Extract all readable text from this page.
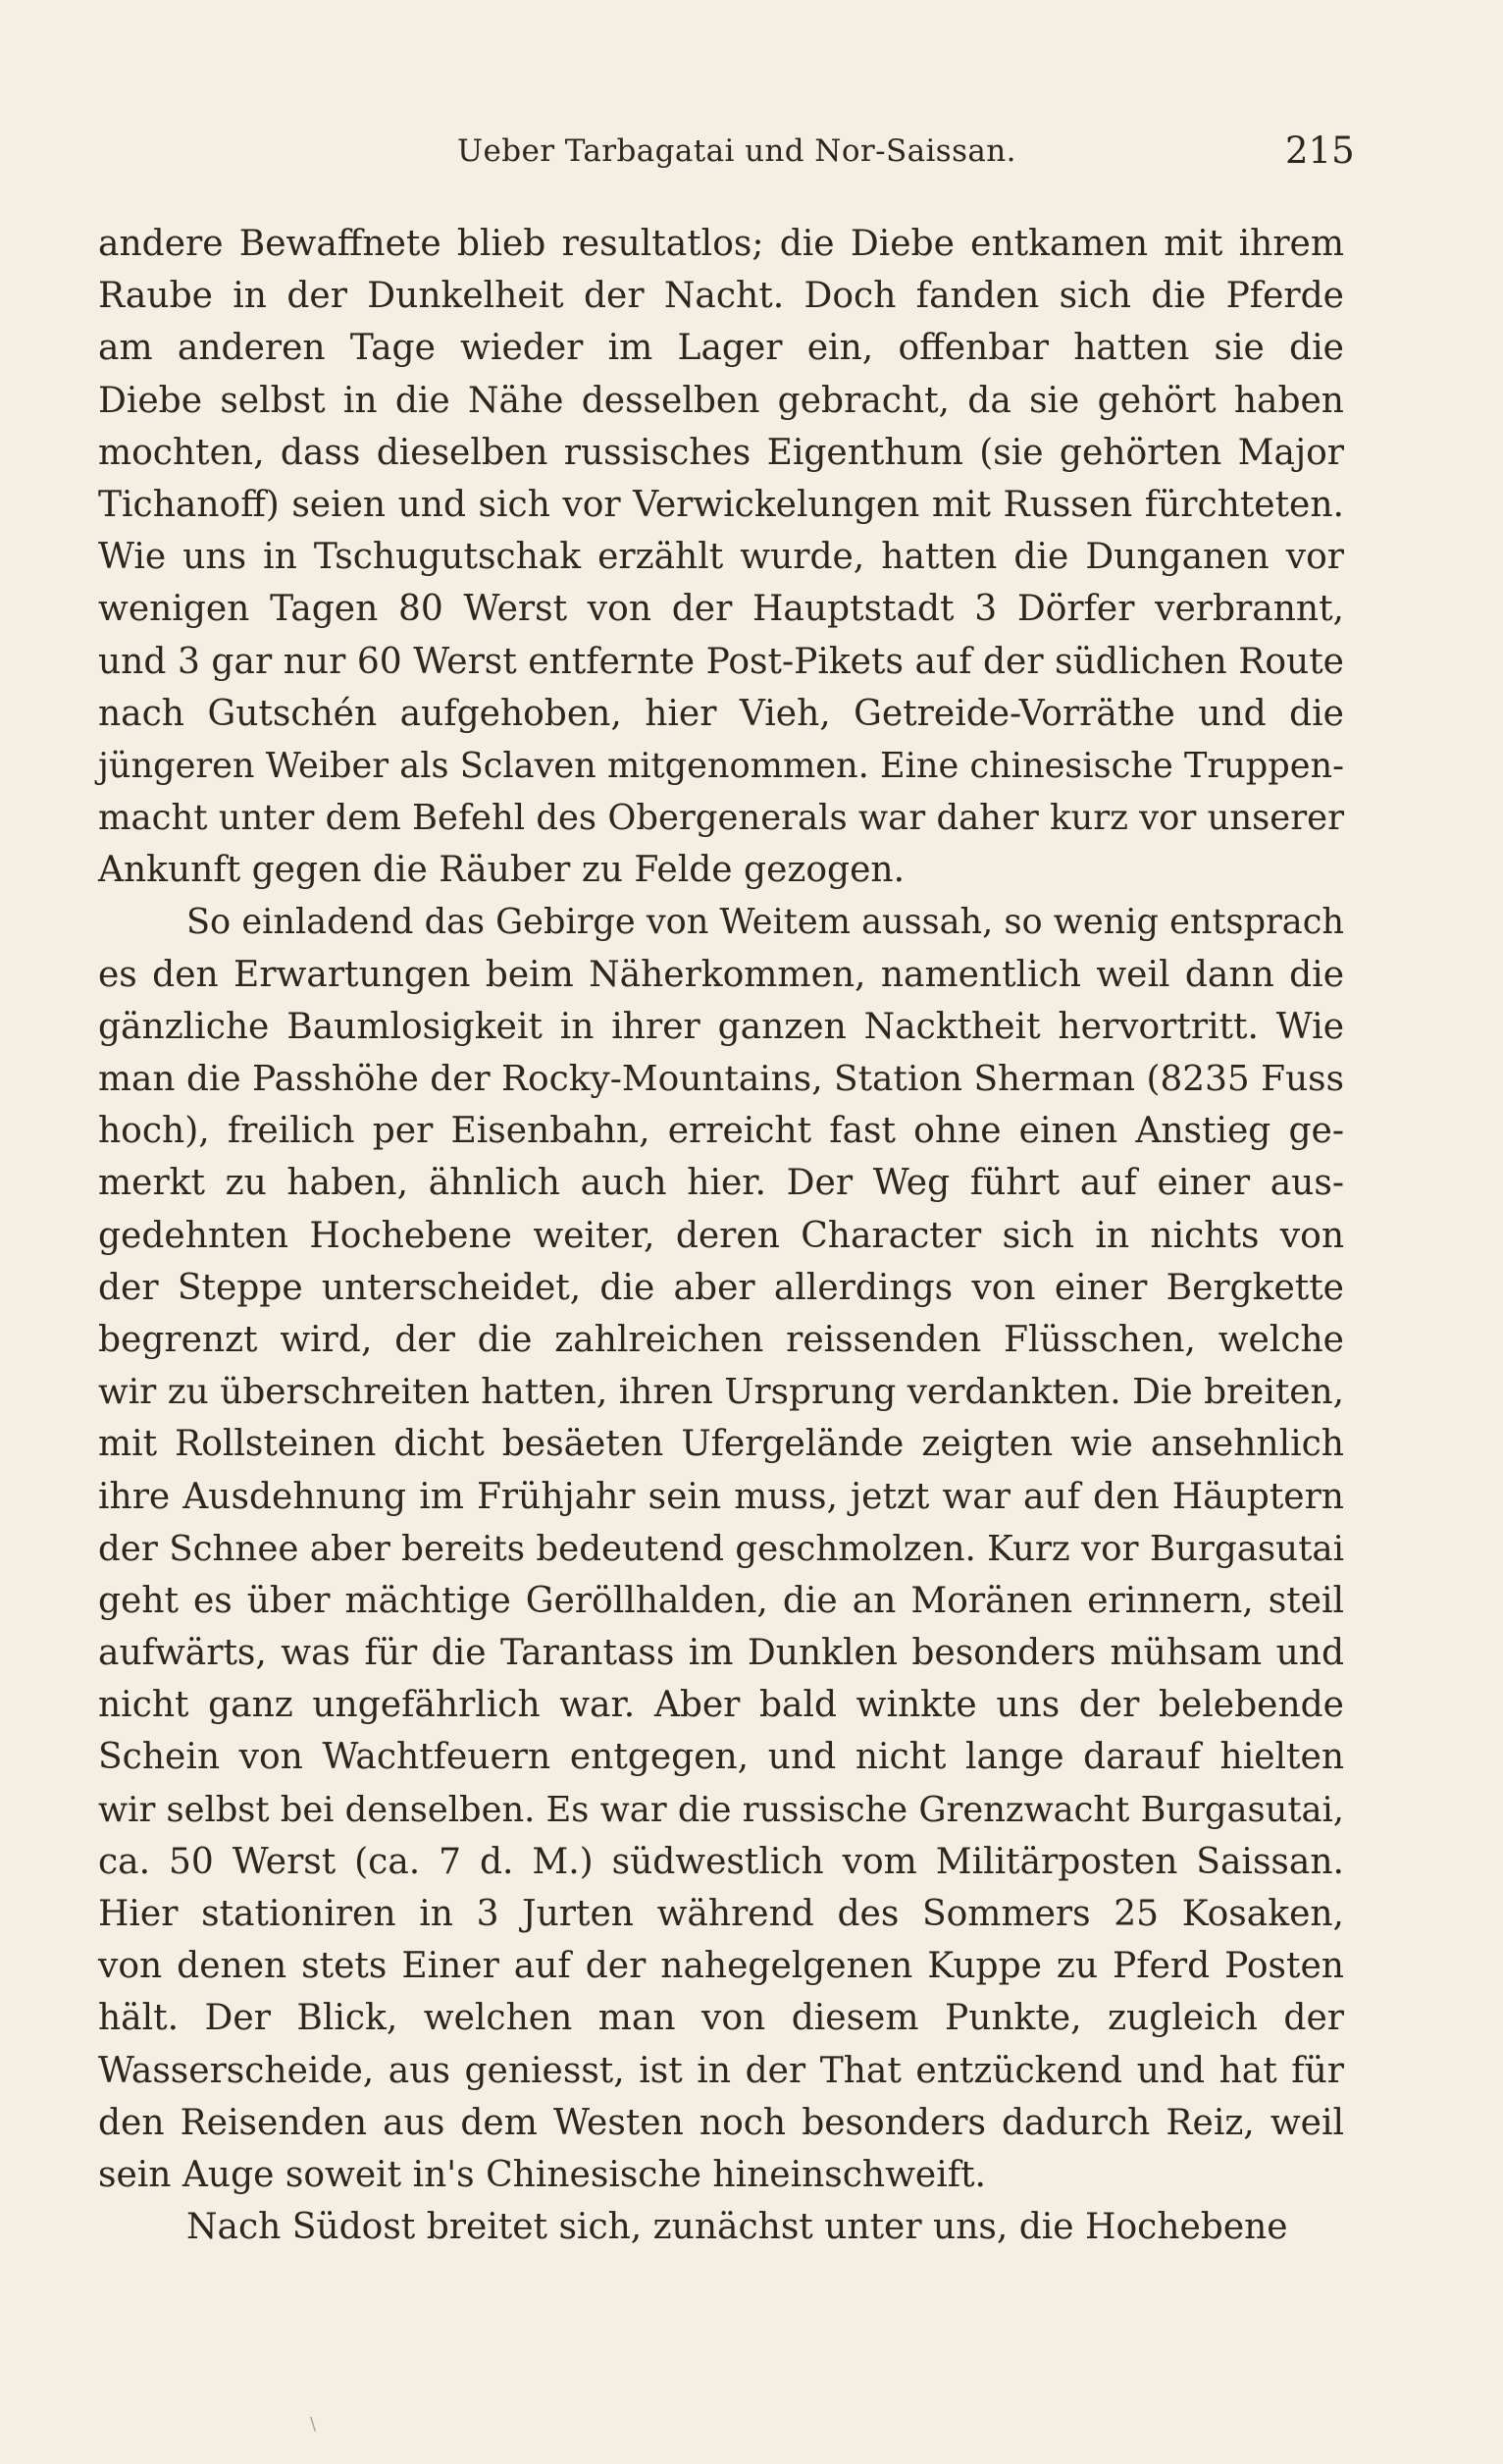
Ueber Tarbagatai und Nor-Saissan.	215
andere Bewaffnete blieb resultatlos; die Diebe entkamen mit ihrem
Raube in der Dunkelheit der Nacht. Doch fanden sich die Pferde
am anderen Tage wieder im Lager ein, offenbar hatten sie die
Diebe selbst in die Nähe desselben gebracht, da sie gehört haben
mochten, dass dieselben russisches Eigenthum (sie gehörten Major
Tichanoff) seien und sich vor Verwickelungen mit Russen fürchteten.
Wie uns in Tschugutschak erzählt wurde, hatten die Dunganen vor
wenigen Tagen 80 Werst von der Hauptstadt 3 Dörfer verbrannt,
und 3 gar nur 60 Werst entfernte Post-Pikets auf der südlichen Route
nach Gutschén aufgehoben, hier Vieh, Getreide-Vorräthe und die
jüngeren Weiber als Sclaven mitgenommen. Eine chinesische Truppen-
macht unter dem Befehl des Obergenerals war daher kurz vor unserer
Ankunft gegen die Räuber zu Felde gezogen.
So einladend das Gebirge von Weitem aussah, so wenig entsprach
es den Erwartungen beim Näherkommen, namentlich weil dann die
gänzliche Baumlosigkeit in ihrer ganzen Nacktheit hervortritt. Wie
man die Passhöhe der Rocky-Mountains, Station Sherman (8235 Fuss
hoch), freilich per Eisenbahn, erreicht fast ohne einen Anstieg ge-
merkt zu haben, ähnlich auch hier. Der Weg führt auf einer aus-
gedehnten Hochebene weiter, deren Character sich in nichts von
der Steppe unterscheidet, die aber allerdings von einer Bergkette
begrenzt wird, der die zahlreichen reissenden Flüsschen, welche
wir zu überschreiten hatten, ihren Ursprung verdankten. Die breiten,
mit Rollsteinen dicht besäeten Ufergelände zeigten wie ansehnlich
ihre Ausdehnung im Frühjahr sein muss, jetzt war auf den Häuptern
der Schnee aber bereits bedeutend geschmolzen. Kurz vor Burgasutai
geht es über mächtige Geröllhalden, die an Moränen erinnern, steil
aufwärts, was für die Tarantass im Dunklen besonders mühsam und
nicht ganz ungefährlich war. Aber bald winkte uns der belebende
Schein von Wachtfeuern entgegen, und nicht lange darauf hielten
wir selbst bei denselben. Es war die russische Grenzwacht Burgasutai,
ca. 50 Werst (ca. 7 d. M.) südwestlich vom Militärposten Saissan.
Hier stationiren in 3 Jurten während des Sommers 25 Kosaken,
von denen stets Einer auf der nahegelgenen Kuppe zu Pferd Posten
hält. Der Blick, welchen man von diesem Punkte, zugleich der
Wasserscheide, aus geniesst, ist in der That entzückend und hat für
den Reisenden aus dem Westen noch besonders dadurch Reiz, weil
sein Auge soweit in's Chinesische hineinschweift.
Nach Südost breitet sich, zunächst unter uns, die Hochebene
\
